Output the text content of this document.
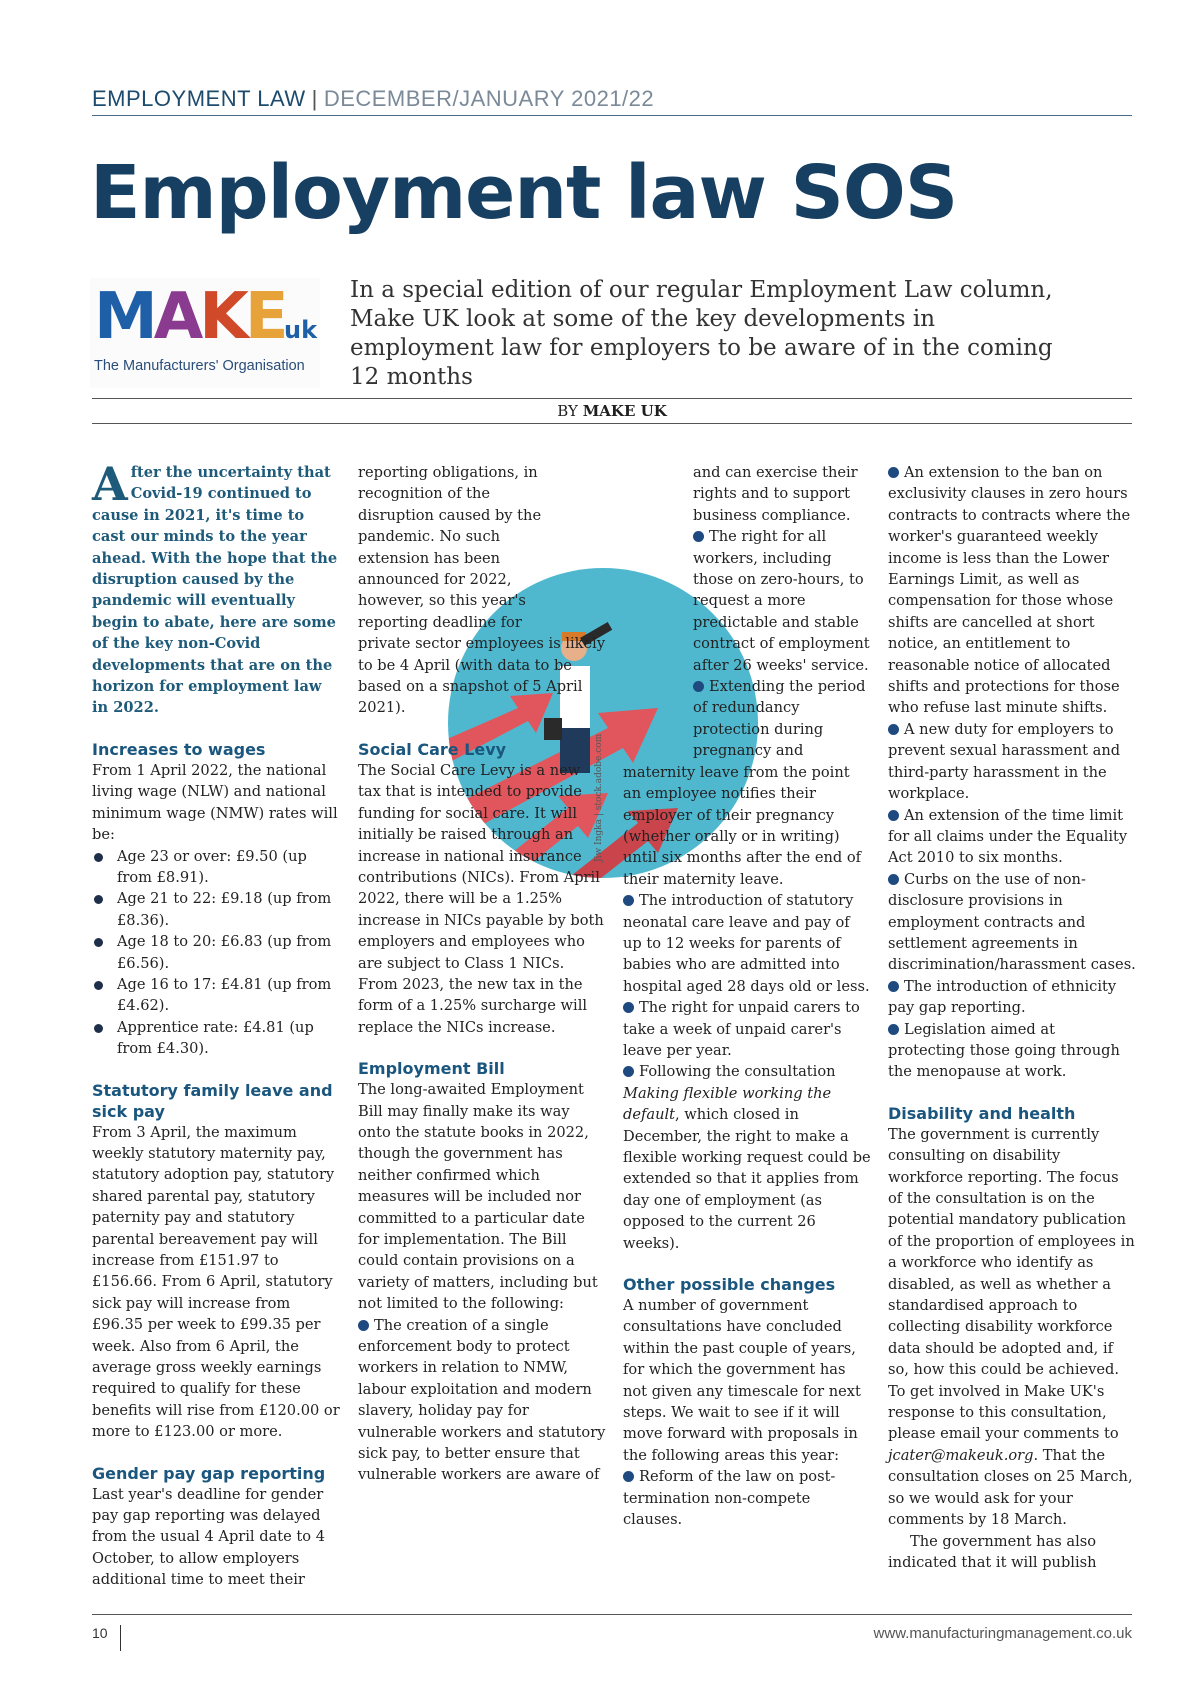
EMPLOYMENT LAW | DECEMBER/JANUARY 2021/22
Employment law SOS
MAKE uk
The Manufacturers' Organisation

In a special edition of our regular Employment Law column, Make UK look at some of the key developments in employment law for employers to be aware of in the coming 12 months

BY MAKE UK

After the uncertainty that Covid-19 continued to cause in 2021, it's time to cast our minds to the year ahead. With the hope that the disruption caused by the pandemic will eventually begin to abate, here are some of the key non-Covid developments that are on the horizon for employment law in 2022.

Increases to wages

From 1 April 2022, the national living wage (NLW) and national minimum wage (NMW) rates will be:

Age 23 or over: £9.50 (up from £8.91).
Age 21 to 22: £9.18 (up from £8.36).
Age 18 to 20: £6.83 (up from £6.56).
Age 16 to 17: £4.81 (up from £4.62).
Apprentice rate: £4.81 (up from £4.30).
Statutory family leave and sick pay

From 3 April, the maximum weekly statutory maternity pay, statutory adoption pay, statutory shared parental pay, statutory paternity pay and statutory parental bereavement pay will increase from £151.97 to £156.66. From 6 April, statutory sick pay will increase from £96.35 per week to £99.35 per week. Also from 6 April, the average gross weekly earnings required to qualify for these benefits will rise from £120.00 or more to £123.00 or more.

Gender pay gap reporting

Last year's deadline for gender pay gap reporting was delayed from the usual 4 April date to 4 October, to allow employers additional time to meet their

reporting obligations, in recognition of the disruption caused by the pandemic. No such extension has been announced for 2022, however, so this year's reporting deadline for private sector employees is likely to be 4 April (with data to be based on a snapshot of 5 April 2021).

Social Care Levy

The Social Care Levy is a new tax that is intended to provide funding for social care. It will initially be raised through an increase in national insurance contributions (NICs). From April 2022, there will be a 1.25% increase in NICs payable by both employers and employees who are subject to Class 1 NICs. From 2023, the new tax in the form of a 1.25% surcharge will replace the NICs increase.

Employment Bill

The long-awaited Employment Bill may finally make its way onto the statute books in 2022, though the government has neither confirmed which measures will be included nor committed to a particular date for implementation. The Bill could contain provisions on a variety of matters, including but not limited to the following:

The creation of a single enforcement body to protect workers in relation to NMW, labour exploitation and modern slavery, holiday pay for vulnerable workers and statutory sick pay, to better ensure that vulnerable workers are aware of

and can exercise their rights and to support business compliance.

The right for all workers, including those on zero-hours, to request a more predictable and stable contract of employment after 26 weeks' service.

Extending the period of redundancy protection during pregnancy and maternity leave from the point an employee notifies their employer of their pregnancy (whether orally or in writing) until six months after the end of their maternity leave.

The introduction of statutory neonatal care leave and pay of up to 12 weeks for parents of babies who are admitted into hospital aged 28 days old or less.

The right for unpaid carers to take a week of unpaid carer's leave per year.

Following the consultation Making flexible working the default, which closed in December, the right to make a flexible working request could be extended so that it applies from day one of employment (as opposed to the current 26 weeks).

Other possible changes

A number of government consultations have concluded within the past couple of years, for which the government has not given any timescale for next steps. We wait to see if it will move forward with proposals in the following areas this year:

Reform of the law on post-termination non-compete clauses.

An extension to the ban on exclusivity clauses in zero hours contracts to contracts where the worker's guaranteed weekly income is less than the Lower Earnings Limit, as well as compensation for those whose shifts are cancelled at short notice, an entitlement to reasonable notice of allocated shifts and protections for those who refuse last minute shifts.

A new duty for employers to prevent sexual harassment and third-party harassment in the workplace.

An extension of the time limit for all claims under the Equality Act 2010 to six months.

Curbs on the use of non-disclosure provisions in employment contracts and settlement agreements in discrimination/harassment cases.

The introduction of ethnicity pay gap reporting.

Legislation aimed at protecting those going through the menopause at work.

Disability and health

The government is currently consulting on disability workforce reporting. The focus of the consultation is on the potential mandatory publication of the proportion of employees in a workforce who identify as disabled, as well as whether a standardised approach to collecting disability workforce data should be adopted and, if so, how this could be achieved. To get involved in Make UK's response to this consultation, please email your comments to jcater@makeuk.org. That the consultation closes on 25 March, so we would ask for your comments by 18 March.

The government has also indicated that it will publish

10	www.manufacturingmanagement.co.uk
